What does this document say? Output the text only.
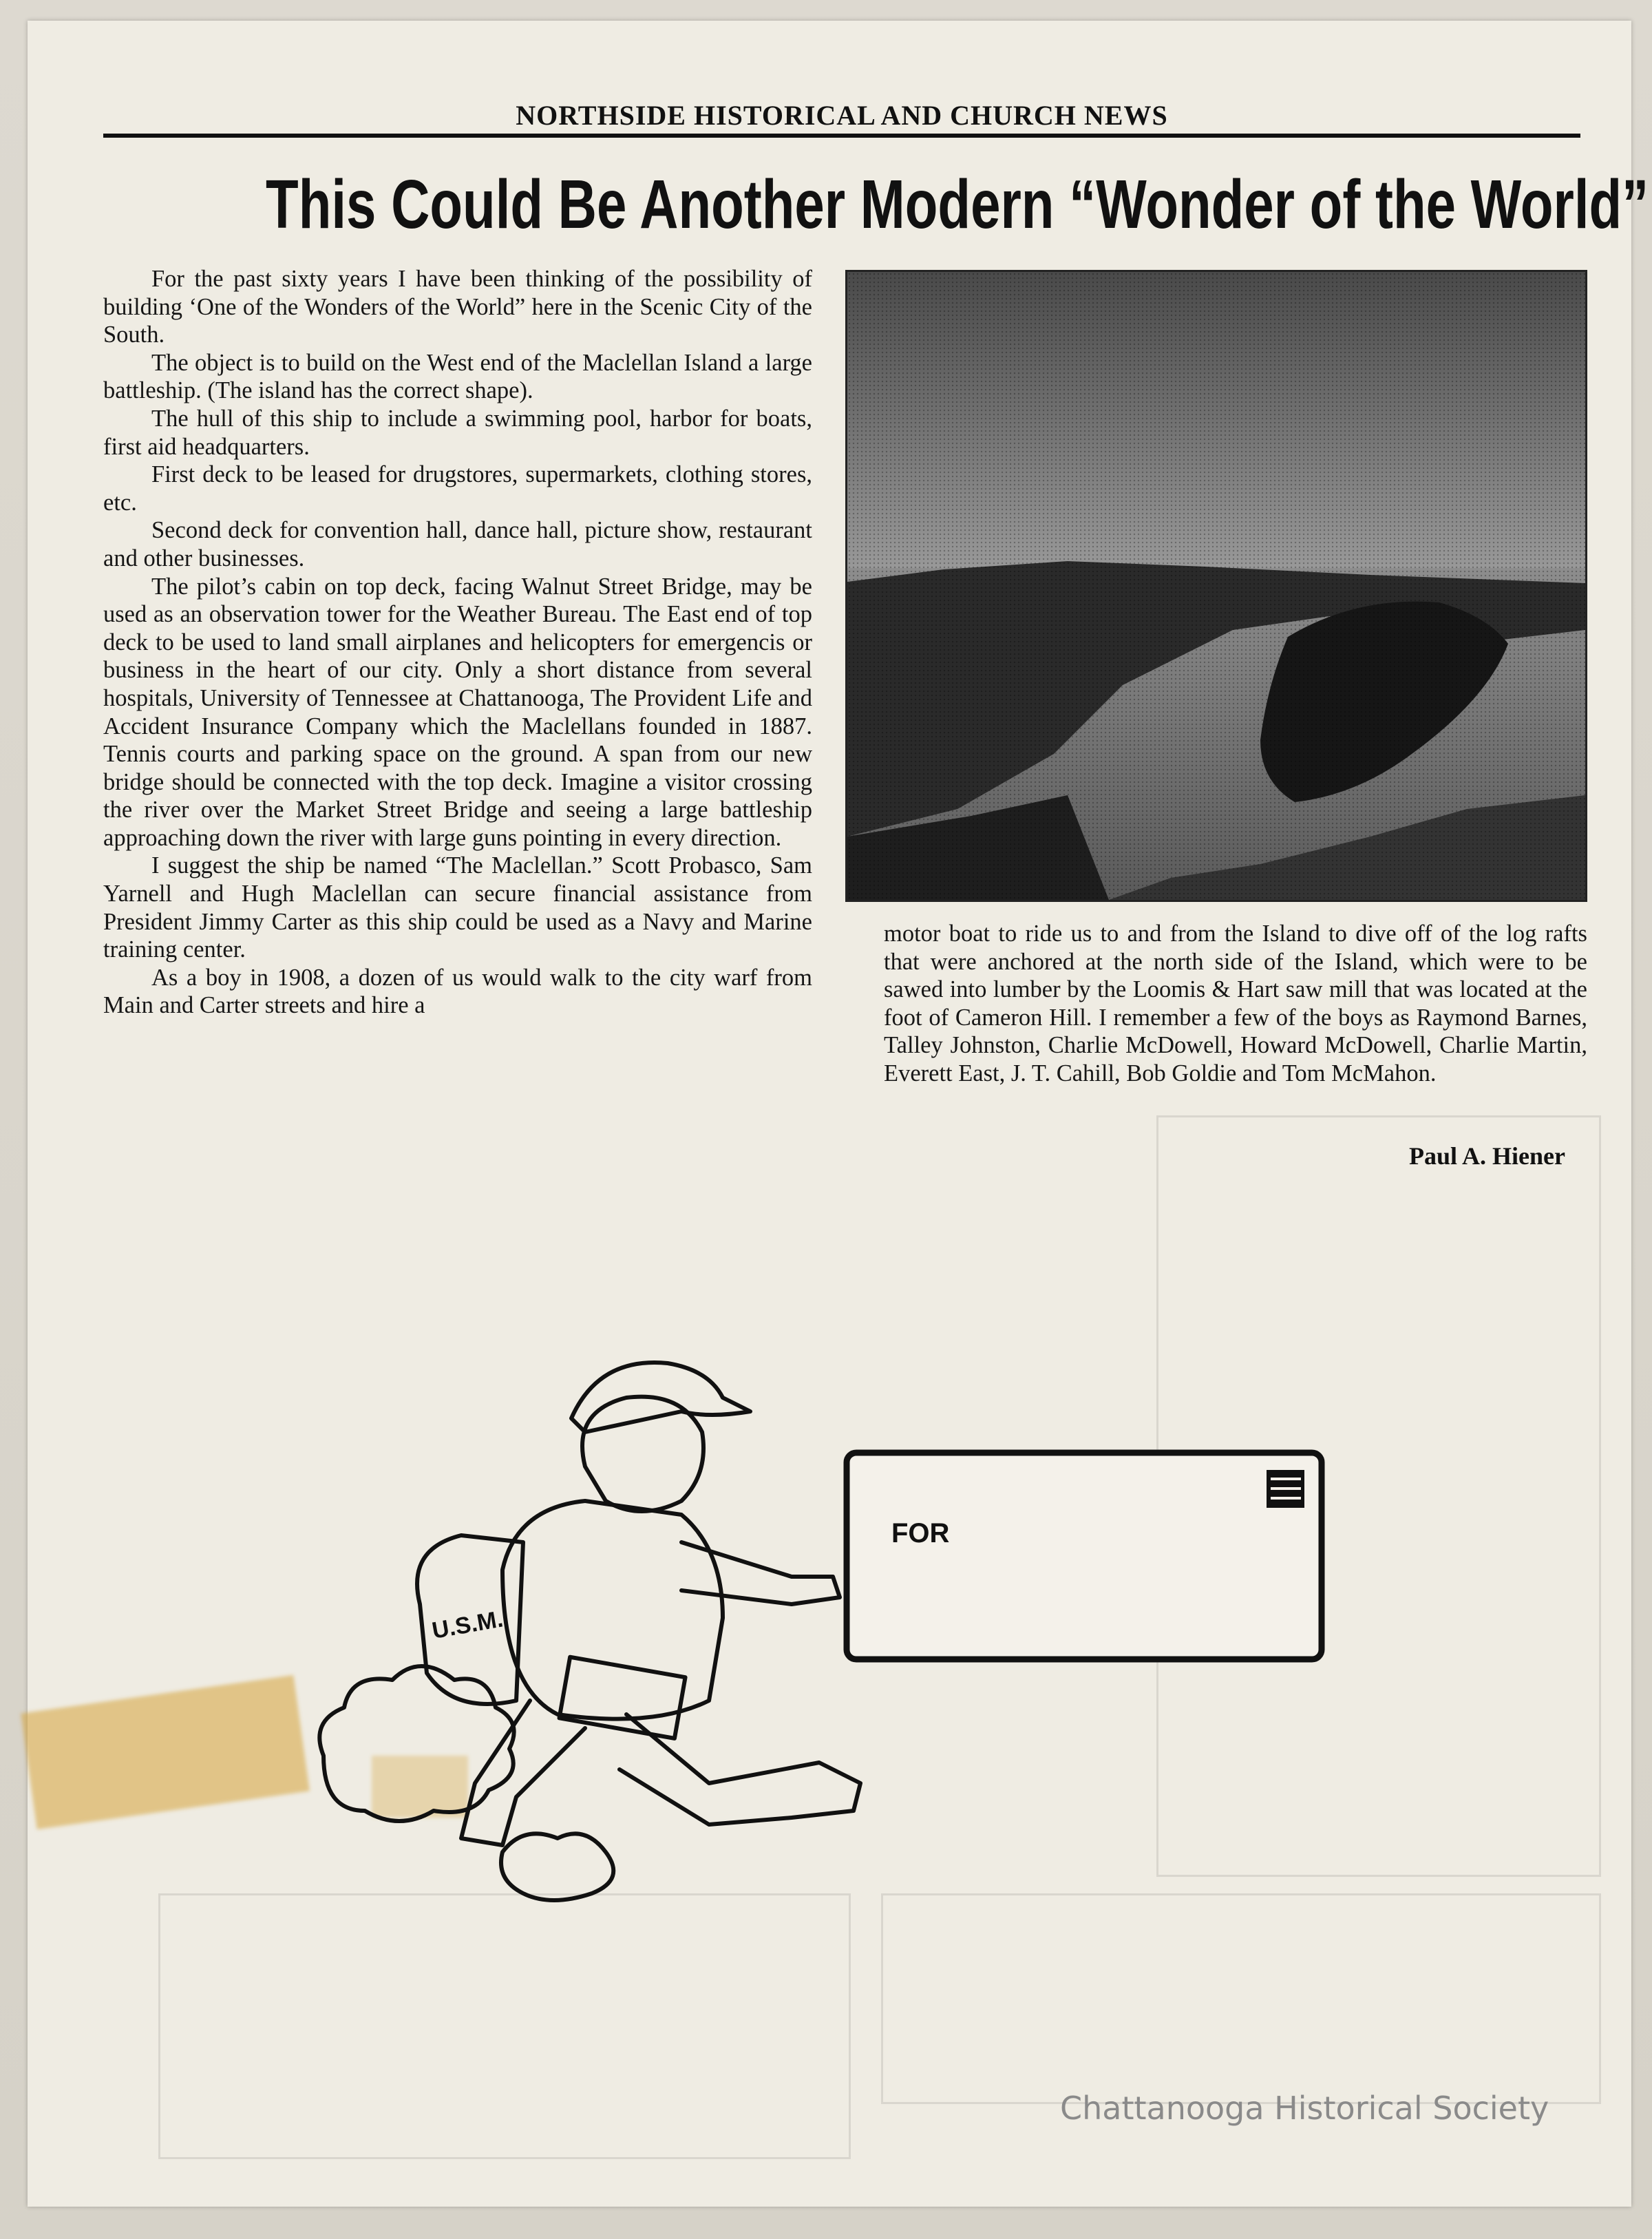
NORTHSIDE HISTORICAL AND CHURCH NEWS
This Could Be Another Modern “Wonder of the World”

For the past sixty years I have been thinking of the possibility of building ‘One of the Wonders of the World” here in the Scenic City of the South.

The object is to build on the West end of the Maclellan Island a large battleship. (The island has the correct shape).

The hull of this ship to include a swimming pool, harbor for boats, first aid headquarters.

First deck to be leased for drugstores, supermarkets, clothing stores, etc.

Second deck for convention hall, dance hall, picture show, restaurant and other businesses.

The pilot’s cabin on top deck, facing Walnut Street Bridge, may be used as an observation tower for the Weather Bureau. The East end of top deck to be used to land small airplanes and helicopters for emergencis or business in the heart of our city. Only a short distance from several hospitals, University of Tennessee at Chattanooga, The Provident Life and Accident Insurance Company which the Maclellans founded in 1887. Tennis courts and parking space on the ground. A span from our new bridge should be connected with the top deck. Imagine a visitor crossing the river over the Market Street Bridge and seeing a large battleship approaching down the river with large guns pointing in every direction.

I suggest the ship be named “The Maclellan.” Scott Probasco, Sam Yarnell and Hugh Maclellan can secure financial assistance from President Jimmy Carter as this ship could be used as a Navy and Marine training center.

As a boy in 1908, a dozen of us would walk to the city warf from Main and Carter streets and hire a

motor boat to ride us to and from the Island to dive off of the log rafts that were anchored at the north side of the Island, which were to be sawed into lumber by the Loomis & Hart saw mill that was located at the foot of Cameron Hill. I remember a few of the boys as Raymond Barnes, Talley Johnston, Charlie McDowell, Howard McDowell, Charlie Martin, Everett East, J. T. Cahill, Bob Goldie and Tom McMahon.

Paul A. Hiener
FOR
U.S.M.
Chattanooga Historical Society
